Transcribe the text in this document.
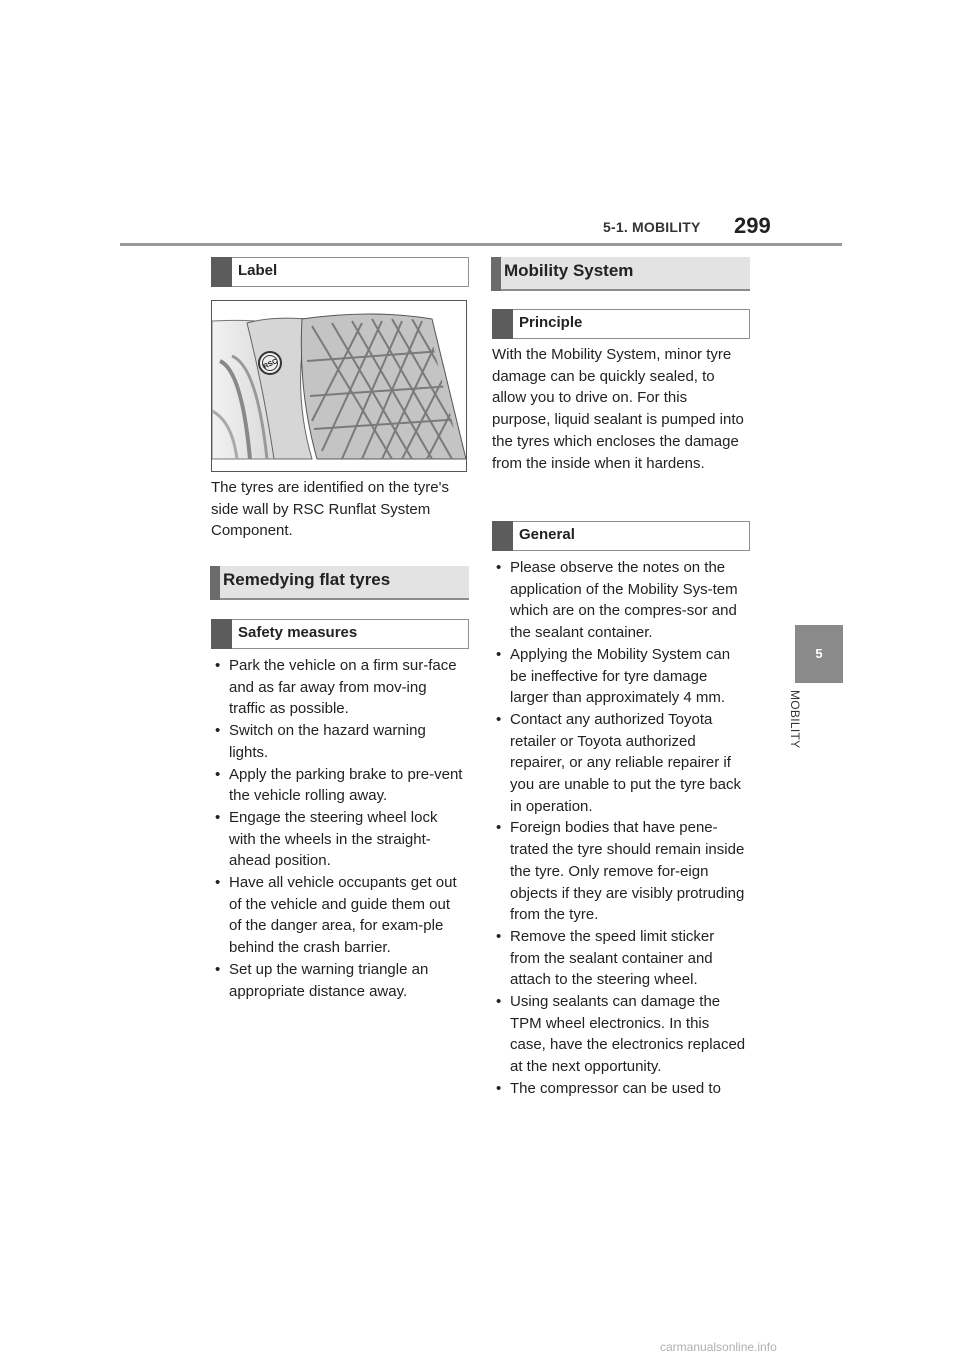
5-1. MOBILITY 299
5
MOBILITY
Label
RSC

The tyres are identified on the tyre's side wall by RSC Runflat System Component.

Remedying flat tyres
Safety measures
• Park the vehicle on a firm sur-face and as far away from mov-ing traffic as possible.
• Switch on the hazard warning lights.
• Apply the parking brake to pre-vent the vehicle rolling away.
• Engage the steering wheel lock with the wheels in the straight-ahead position.
• Have all vehicle occupants get out of the vehicle and guide them out of the danger area, for exam-ple behind the crash barrier.
• Set up the warning triangle an appropriate distance away.
Mobility System
Principle

With the Mobility System, minor tyre damage can be quickly sealed, to allow you to drive on. For this purpose, liquid sealant is pumped into the tyres which encloses the damage from the inside when it hardens.

General
• Please observe the notes on the application of the Mobility Sys-tem which are on the compres-sor and the sealant container.
• Applying the Mobility System can be ineffective for tyre damage larger than approximately 4 mm.
• Contact any authorized Toyota retailer or Toyota authorized repairer, or any reliable repairer if you are unable to put the tyre back in operation.
• Foreign bodies that have pene-trated the tyre should remain inside the tyre. Only remove for-eign objects if they are visibly protruding from the tyre.
• Remove the speed limit sticker from the sealant container and attach to the steering wheel.
• Using sealants can damage the TPM wheel electronics. In this case, have the electronics replaced at the next opportunity.
• The compressor can be used to
carmanualsonline.info
